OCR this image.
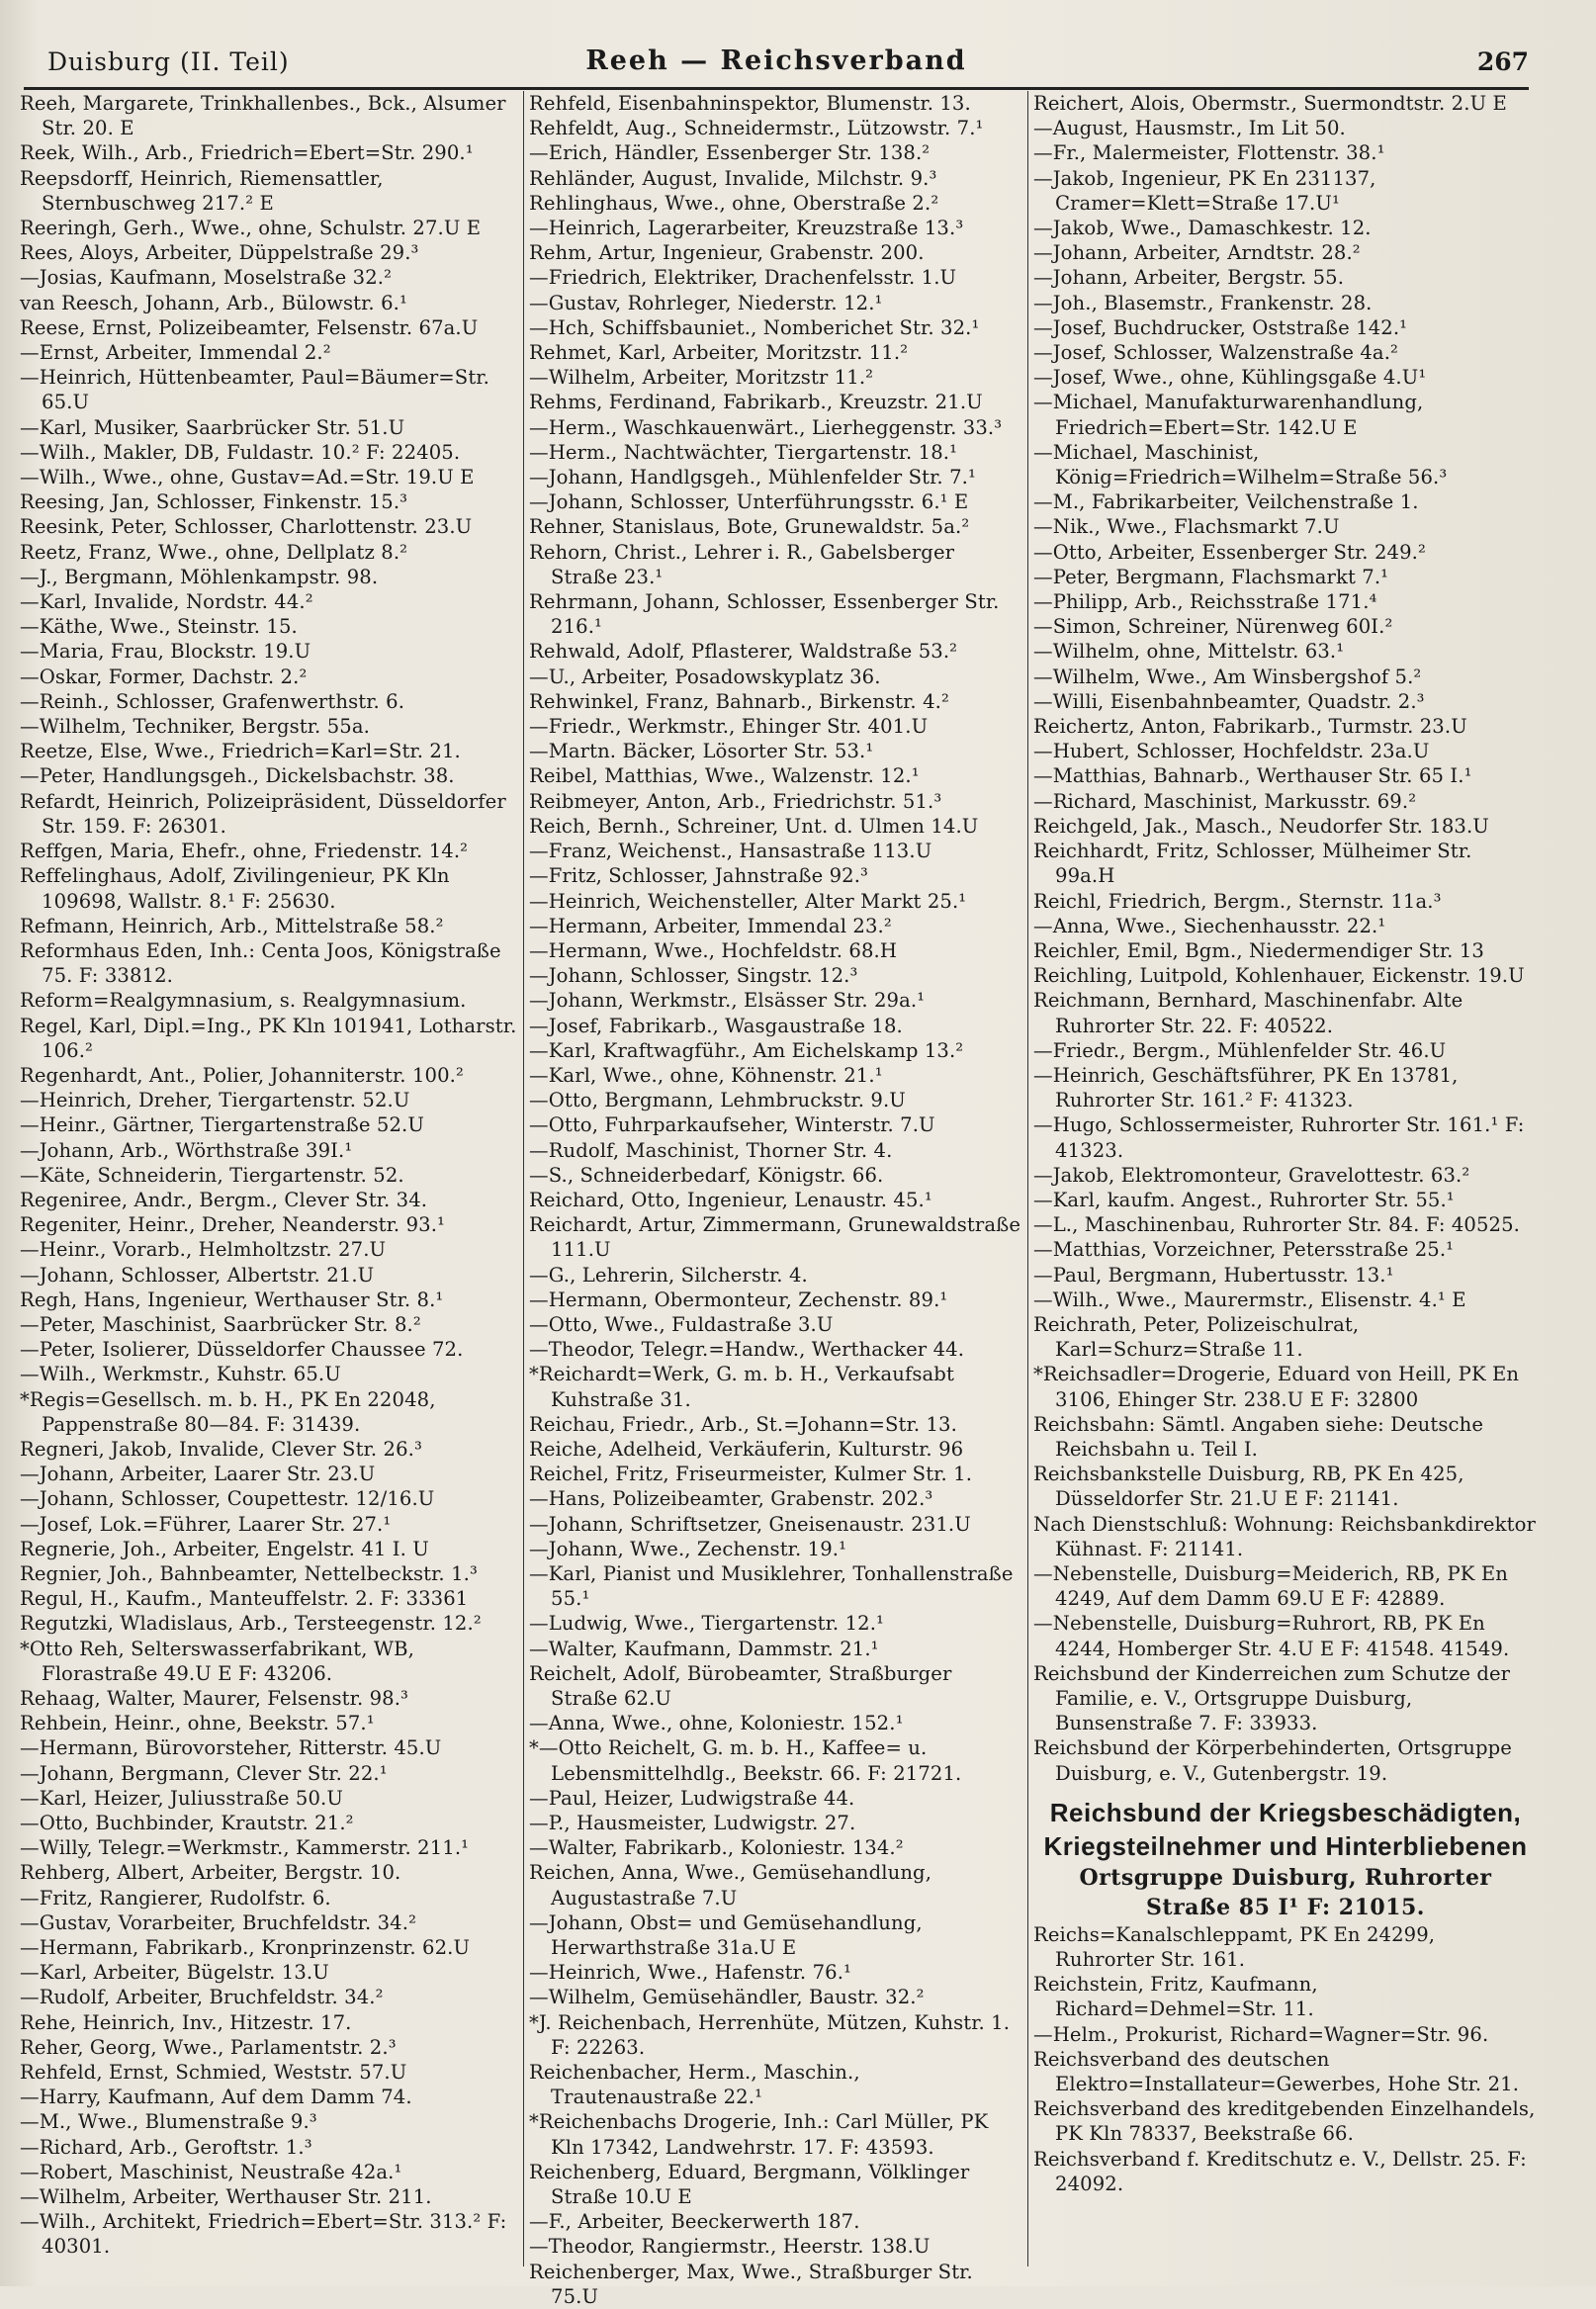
Duisburg (II. Teil)	Reeh — Reichsverband	267

Reeh, Margarete, Trinkhallenbes., Bck., Alsumer Str. 20. E

Reek, Wilh., Arb., Friedrich=Ebert=Str. 290.¹

Reepsdorff, Heinrich, Riemensattler, Sternbuschweg 217.² E

Reeringh, Gerh., Wwe., ohne, Schulstr. 27.U E

Rees, Aloys, Arbeiter, Düppelstraße 29.³

—Josias, Kaufmann, Moselstraße 32.²

van Reesch, Johann, Arb., Bülowstr. 6.¹

Reese, Ernst, Polizeibeamter, Felsenstr. 67a.U

—Ernst, Arbeiter, Immendal 2.²

—Heinrich, Hüttenbeamter, Paul=Bäumer=Str. 65.U

—Karl, Musiker, Saarbrücker Str. 51.U

—Wilh., Makler, DB, Fuldastr. 10.² F: 22405.

—Wilh., Wwe., ohne, Gustav=Ad.=Str. 19.U E

Reesing, Jan, Schlosser, Finkenstr. 15.³

Reesink, Peter, Schlosser, Charlottenstr. 23.U

Reetz, Franz, Wwe., ohne, Dellplatz 8.²

—J., Bergmann, Möhlenkampstr. 98.

—Karl, Invalide, Nordstr. 44.²

—Käthe, Wwe., Steinstr. 15.

—Maria, Frau, Blockstr. 19.U

—Oskar, Former, Dachstr. 2.²

—Reinh., Schlosser, Grafenwerthstr. 6.

—Wilhelm, Techniker, Bergstr. 55a.

Reetze, Else, Wwe., Friedrich=Karl=Str. 21.

—Peter, Handlungsgeh., Dickelsbachstr. 38.

Refardt, Heinrich, Polizeipräsident, Düsseldorfer Str. 159. F: 26301.

Reffgen, Maria, Ehefr., ohne, Friedenstr. 14.²

Reffelinghaus, Adolf, Zivilingenieur, PK Kln 109698, Wallstr. 8.¹ F: 25630.

Refmann, Heinrich, Arb., Mittelstraße 58.²

Reformhaus Eden, Inh.: Centa Joos, Königstraße 75. F: 33812.

Reform=Realgymnasium, s. Realgymnasium.

Regel, Karl, Dipl.=Ing., PK Kln 101941, Lotharstr. 106.²

Regenhardt, Ant., Polier, Johanniterstr. 100.²

—Heinrich, Dreher, Tiergartenstr. 52.U

—Heinr., Gärtner, Tiergartenstraße 52.U

—Johann, Arb., Wörthstraße 39I.¹

—Käte, Schneiderin, Tiergartenstr. 52.

Regeniree, Andr., Bergm., Clever Str. 34.

Regeniter, Heinr., Dreher, Neanderstr. 93.¹

—Heinr., Vorarb., Helmholtzstr. 27.U

—Johann, Schlosser, Albertstr. 21.U

Regh, Hans, Ingenieur, Werthauser Str. 8.¹

—Peter, Maschinist, Saarbrücker Str. 8.²

—Peter, Isolierer, Düsseldorfer Chaussee 72.

—Wilh., Werkmstr., Kuhstr. 65.U

*Regis=Gesellsch. m. b. H., PK En 22048, Pappenstraße 80—84. F: 31439.

Regneri, Jakob, Invalide, Clever Str. 26.³

—Johann, Arbeiter, Laarer Str. 23.U

—Johann, Schlosser, Coupettestr. 12/16.U

—Josef, Lok.=Führer, Laarer Str. 27.¹

Regnerie, Joh., Arbeiter, Engelstr. 41 I. U

Regnier, Joh., Bahnbeamter, Nettelbeckstr. 1.³

Regul, H., Kaufm., Manteuffelstr. 2. F: 33361

Regutzki, Wladislaus, Arb., Tersteegenstr. 12.²

*Otto Reh, Selterswasserfabrikant, WB, Florastraße 49.U E F: 43206.

Rehaag, Walter, Maurer, Felsenstr. 98.³

Rehbein, Heinr., ohne, Beekstr. 57.¹

—Hermann, Bürovorsteher, Ritterstr. 45.U

—Johann, Bergmann, Clever Str. 22.¹

—Karl, Heizer, Juliusstraße 50.U

—Otto, Buchbinder, Krautstr. 21.²

—Willy, Telegr.=Werkmstr., Kammerstr. 211.¹

Rehberg, Albert, Arbeiter, Bergstr. 10.

—Fritz, Rangierer, Rudolfstr. 6.

—Gustav, Vorarbeiter, Bruchfeldstr. 34.²

—Hermann, Fabrikarb., Kronprinzenstr. 62.U

—Karl, Arbeiter, Bügelstr. 13.U

—Rudolf, Arbeiter, Bruchfeldstr. 34.²

Rehe, Heinrich, Inv., Hitzestr. 17.

Reher, Georg, Wwe., Parlamentstr. 2.³

Rehfeld, Ernst, Schmied, Weststr. 57.U

—Harry, Kaufmann, Auf dem Damm 74.

—M., Wwe., Blumenstraße 9.³

—Richard, Arb., Geroftstr. 1.³

—Robert, Maschinist, Neustraße 42a.¹

—Wilhelm, Arbeiter, Werthauser Str. 211.

—Wilh., Architekt, Friedrich=Ebert=Str. 313.² F: 40301.

Rehfeld, Eisenbahninspektor, Blumenstr. 13.

Rehfeldt, Aug., Schneidermstr., Lützowstr. 7.¹

—Erich, Händler, Essenberger Str. 138.²

Rehländer, August, Invalide, Milchstr. 9.³

Rehlinghaus, Wwe., ohne, Oberstraße 2.²

—Heinrich, Lagerarbeiter, Kreuzstraße 13.³

Rehm, Artur, Ingenieur, Grabenstr. 200.

—Friedrich, Elektriker, Drachenfelsstr. 1.U

—Gustav, Rohrleger, Niederstr. 12.¹

—Hch, Schiffsbauniet., Nomberichet Str. 32.¹

Rehmet, Karl, Arbeiter, Moritzstr. 11.²

—Wilhelm, Arbeiter, Moritzstr 11.²

Rehms, Ferdinand, Fabrikarb., Kreuzstr. 21.U

—Herm., Waschkauenwärt., Lierheggenstr. 33.³

—Herm., Nachtwächter, Tiergartenstr. 18.¹

—Johann, Handlgsgeh., Mühlenfelder Str. 7.¹

—Johann, Schlosser, Unterführungsstr. 6.¹ E

Rehner, Stanislaus, Bote, Grunewaldstr. 5a.²

Rehorn, Christ., Lehrer i. R., Gabelsberger Straße 23.¹

Rehrmann, Johann, Schlosser, Essenberger Str. 216.¹

Rehwald, Adolf, Pflasterer, Waldstraße 53.²

—U., Arbeiter, Posadowskyplatz 36.

Rehwinkel, Franz, Bahnarb., Birkenstr. 4.²

—Friedr., Werkmstr., Ehinger Str. 401.U

—Martn. Bäcker, Lösorter Str. 53.¹

Reibel, Matthias, Wwe., Walzenstr. 12.¹

Reibmeyer, Anton, Arb., Friedrichstr. 51.³

Reich, Bernh., Schreiner, Unt. d. Ulmen 14.U

—Franz, Weichenst., Hansastraße 113.U

—Fritz, Schlosser, Jahnstraße 92.³

—Heinrich, Weichensteller, Alter Markt 25.¹

—Hermann, Arbeiter, Immendal 23.²

—Hermann, Wwe., Hochfeldstr. 68.H

—Johann, Schlosser, Singstr. 12.³

—Johann, Werkmstr., Elsässer Str. 29a.¹

—Josef, Fabrikarb., Wasgaustraße 18.

—Karl, Kraftwagführ., Am Eichelskamp 13.²

—Karl, Wwe., ohne, Köhnenstr. 21.¹

—Otto, Bergmann, Lehmbruckstr. 9.U

—Otto, Fuhrparkaufseher, Winterstr. 7.U

—Rudolf, Maschinist, Thorner Str. 4.

—S., Schneiderbedarf, Königstr. 66.

Reichard, Otto, Ingenieur, Lenaustr. 45.¹

Reichardt, Artur, Zimmermann, Grunewaldstraße 111.U

—G., Lehrerin, Silcherstr. 4.

—Hermann, Obermonteur, Zechenstr. 89.¹

—Otto, Wwe., Fuldastraße 3.U

—Theodor, Telegr.=Handw., Werthacker 44.

*Reichardt=Werk, G. m. b. H., Verkaufsabt Kuhstraße 31.

Reichau, Friedr., Arb., St.=Johann=Str. 13.

Reiche, Adelheid, Verkäuferin, Kulturstr. 96

Reichel, Fritz, Friseurmeister, Kulmer Str. 1.

—Hans, Polizeibeamter, Grabenstr. 202.³

—Johann, Schriftsetzer, Gneisenaustr. 231.U

—Johann, Wwe., Zechenstr. 19.¹

—Karl, Pianist und Musiklehrer, Tonhallenstraße 55.¹

—Ludwig, Wwe., Tiergartenstr. 12.¹

—Walter, Kaufmann, Dammstr. 21.¹

Reichelt, Adolf, Bürobeamter, Straßburger Straße 62.U

—Anna, Wwe., ohne, Koloniestr. 152.¹

*—Otto Reichelt, G. m. b. H., Kaffee= u. Lebensmittelhdlg., Beekstr. 66. F: 21721.

—Paul, Heizer, Ludwigstraße 44.

—P., Hausmeister, Ludwigstr. 27.

—Walter, Fabrikarb., Koloniestr. 134.²

Reichen, Anna, Wwe., Gemüsehandlung, Augustastraße 7.U

—Johann, Obst= und Gemüsehandlung, Herwarthstraße 31a.U E

—Heinrich, Wwe., Hafenstr. 76.¹

—Wilhelm, Gemüsehändler, Baustr. 32.²

*J. Reichenbach, Herrenhüte, Mützen, Kuhstr. 1. F: 22263.

Reichenbacher, Herm., Maschin., Trautenaustraße 22.¹

*Reichenbachs Drogerie, Inh.: Carl Müller, PK Kln 17342, Landwehrstr. 17. F: 43593.

Reichenberg, Eduard, Bergmann, Völklinger Straße 10.U E

—F., Arbeiter, Beeckerwerth 187.

—Theodor, Rangiermstr., Heerstr. 138.U

Reichenberger, Max, Wwe., Straßburger Str. 75.U

Reichert, Alois, Obermstr., Suermondtstr. 2.U E

—August, Hausmstr., Im Lit 50.

—Fr., Malermeister, Flottenstr. 38.¹

—Jakob, Ingenieur, PK En 231137, Cramer=Klett=Straße 17.U¹

—Jakob, Wwe., Damaschkestr. 12.

—Johann, Arbeiter, Arndtstr. 28.²

—Johann, Arbeiter, Bergstr. 55.

—Joh., Blasemstr., Frankenstr. 28.

—Josef, Buchdrucker, Oststraße 142.¹

—Josef, Schlosser, Walzenstraße 4a.²

—Josef, Wwe., ohne, Kühlingsgaße 4.U¹

—Michael, Manufakturwarenhandlung, Friedrich=Ebert=Str. 142.U E

—Michael, Maschinist, König=Friedrich=Wilhelm=Straße 56.³

—M., Fabrikarbeiter, Veilchenstraße 1.

—Nik., Wwe., Flachsmarkt 7.U

—Otto, Arbeiter, Essenberger Str. 249.²

—Peter, Bergmann, Flachsmarkt 7.¹

—Philipp, Arb., Reichsstraße 171.⁴

—Simon, Schreiner, Nürenweg 60I.²

—Wilhelm, ohne, Mittelstr. 63.¹

—Wilhelm, Wwe., Am Winsbergshof 5.²

—Willi, Eisenbahnbeamter, Quadstr. 2.³

Reichertz, Anton, Fabrikarb., Turmstr. 23.U

—Hubert, Schlosser, Hochfeldstr. 23a.U

—Matthias, Bahnarb., Werthauser Str. 65 I.¹

—Richard, Maschinist, Markusstr. 69.²

Reichgeld, Jak., Masch., Neudorfer Str. 183.U

Reichhardt, Fritz, Schlosser, Mülheimer Str. 99a.H

Reichl, Friedrich, Bergm., Sternstr. 11a.³

—Anna, Wwe., Siechenhausstr. 22.¹

Reichler, Emil, Bgm., Niedermendiger Str. 13

Reichling, Luitpold, Kohlenhauer, Eickenstr. 19.U

Reichmann, Bernhard, Maschinenfabr. Alte Ruhrorter Str. 22. F: 40522.

—Friedr., Bergm., Mühlenfelder Str. 46.U

—Heinrich, Geschäftsführer, PK En 13781, Ruhrorter Str. 161.² F: 41323.

—Hugo, Schlossermeister, Ruhrorter Str. 161.¹ F: 41323.

—Jakob, Elektromonteur, Gravelottestr. 63.²

—Karl, kaufm. Angest., Ruhrorter Str. 55.¹

—L., Maschinenbau, Ruhrorter Str. 84. F: 40525.

—Matthias, Vorzeichner, Petersstraße 25.¹

—Paul, Bergmann, Hubertusstr. 13.¹

—Wilh., Wwe., Maurermstr., Elisenstr. 4.¹ E

Reichrath, Peter, Polizeischulrat, Karl=Schurz=Straße 11.

*Reichsadler=Drogerie, Eduard von Heill, PK En 3106, Ehinger Str. 238.U E F: 32800

Reichsbahn: Sämtl. Angaben siehe: Deutsche Reichsbahn u. Teil I.

Reichsbankstelle Duisburg, RB, PK En 425, Düsseldorfer Str. 21.U E F: 21141.

Nach Dienstschluß: Wohnung: Reichsbankdirektor Kühnast. F: 21141.

—Nebenstelle, Duisburg=Meiderich, RB, PK En 4249, Auf dem Damm 69.U E F: 42889.

—Nebenstelle, Duisburg=Ruhrort, RB, PK En 4244, Homberger Str. 4.U E F: 41548. 41549.

Reichsbund der Kinderreichen zum Schutze der Familie, e. V., Ortsgruppe Duisburg, Bunsenstraße 7. F: 33933.

Reichsbund der Körperbehinderten, Ortsgruppe Duisburg, e. V., Gutenbergstr. 19.

Reichsbund der Kriegsbeschädigten,

Kriegsteilnehmer und Hinterbliebenen

Ortsgruppe Duisburg, Ruhrorter

Straße 85 I¹ F: 21015.

Reichs=Kanalschleppamt, PK En 24299, Ruhrorter Str. 161.

Reichstein, Fritz, Kaufmann, Richard=Dehmel=Str. 11.

—Helm., Prokurist, Richard=Wagner=Str. 96.

Reichsverband des deutschen Elektro=Installateur=Gewerbes, Hohe Str. 21.

Reichsverband des kreditgebenden Einzelhandels, PK Kln 78337, Beekstraße 66.

Reichsverband f. Kreditschutz e. V., Dellstr. 25. F: 24092.
